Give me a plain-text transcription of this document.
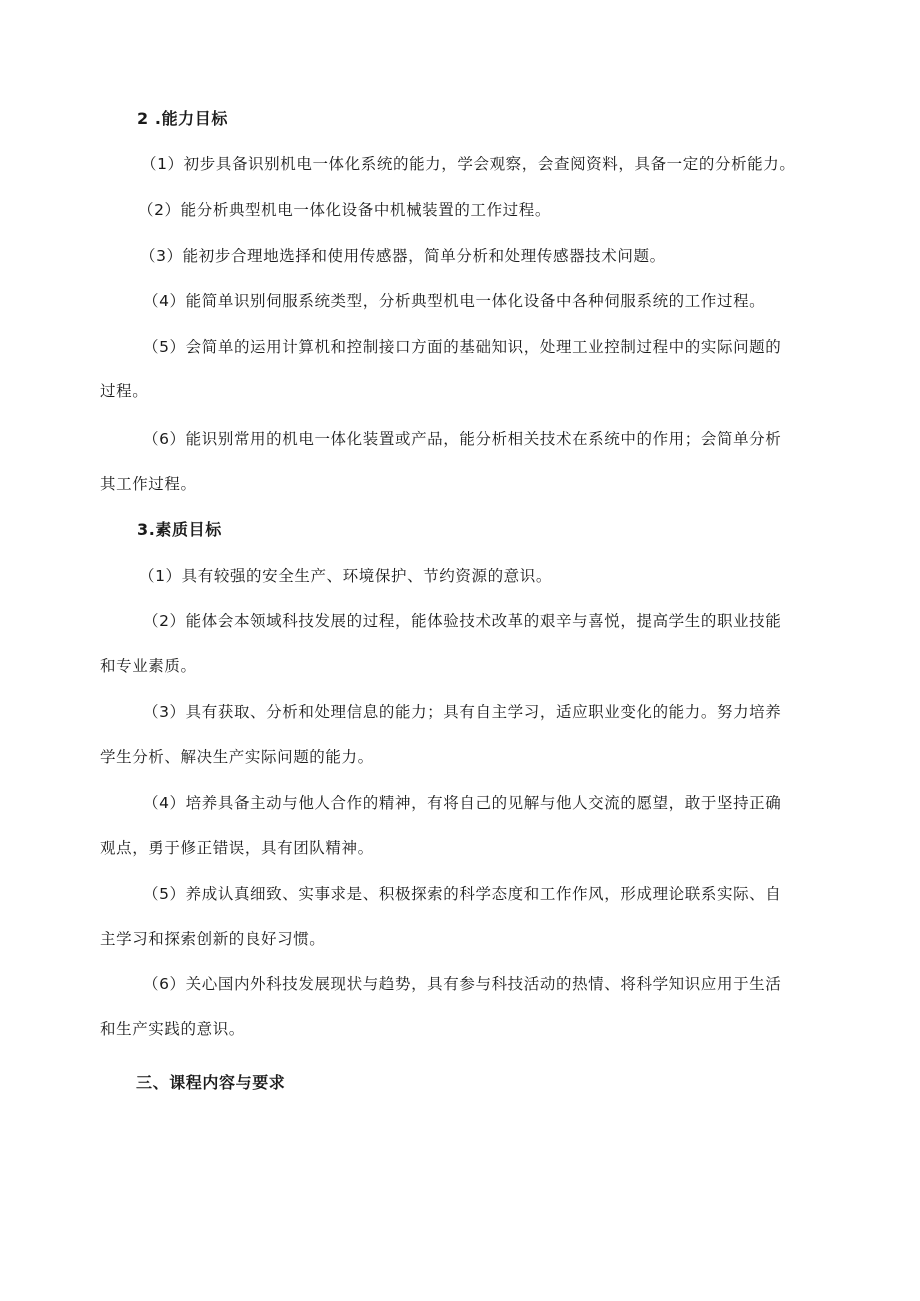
2 .能力目标
（1）初步具备识别机电一体化系统的能力，学会观察，会查阅资料，具备一定的分析能力。
（2）能分析典型机电一体化设备中机械装置的工作过程。
（3）能初步合理地选择和使用传感器，简单分析和处理传感器技术问题。
（4）能简单识别伺服系统类型，分析典型机电一体化设备中各种伺服系统的工作过程。
（5）会简单的运用计算机和控制接口方面的基础知识，处理工业控制过程中的实际问题的
过程。
（6）能识别常用的机电一体化装置或产品，能分析相关技术在系统中的作用；会简单分析
其工作过程。
3.素质目标
（1）具有较强的安全生产、环境保护、节约资源的意识。
（2）能体会本领域科技发展的过程，能体验技术改革的艰辛与喜悦，提高学生的职业技能
和专业素质。
（3）具有获取、分析和处理信息的能力；具有自主学习，适应职业变化的能力。努力培养
学生分析、解决生产实际问题的能力。
（4）培养具备主动与他人合作的精神，有将自己的见解与他人交流的愿望，敢于坚持正确
观点，勇于修正错误，具有团队精神。
（5）养成认真细致、实事求是、积极探索的科学态度和工作作风，形成理论联系实际、自
主学习和探索创新的良好习惯。
（6）关心国内外科技发展现状与趋势，具有参与科技活动的热情、将科学知识应用于生活
和生产实践的意识。
三、课程内容与要求
